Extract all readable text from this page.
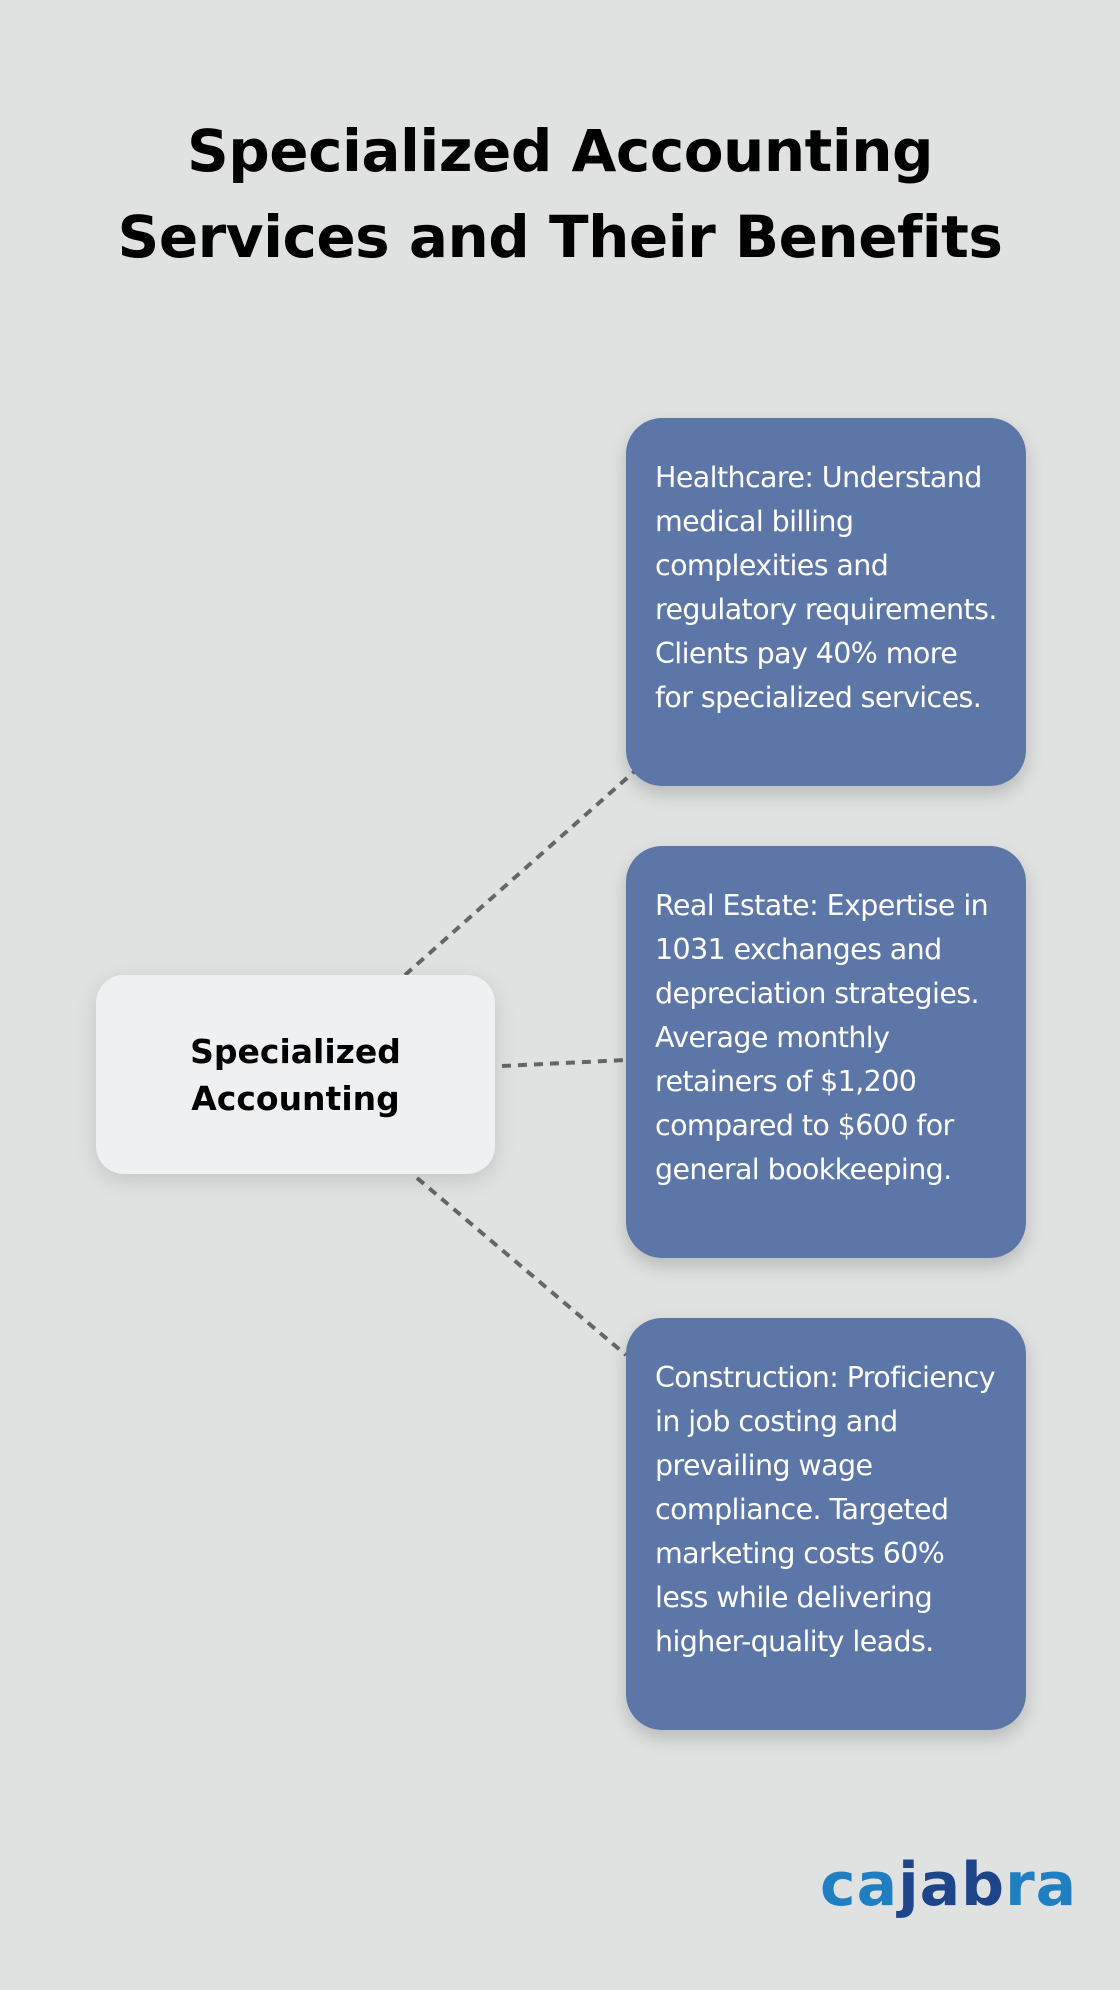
Specialized Accounting
Services and Their Benefits
Specialized Accounting
Healthcare: Understand medical billing complexities and regulatory requirements. Clients pay 40% more for specialized services.
Real Estate: Expertise in 1031 exchanges and depreciation strategies. Average monthly retainers of $1,200 compared to $600 for general bookkeeping.
Construction: Proficiency in job costing and prevailing wage compliance. Targeted marketing costs 60% less while delivering higher-quality leads.
cajabra
